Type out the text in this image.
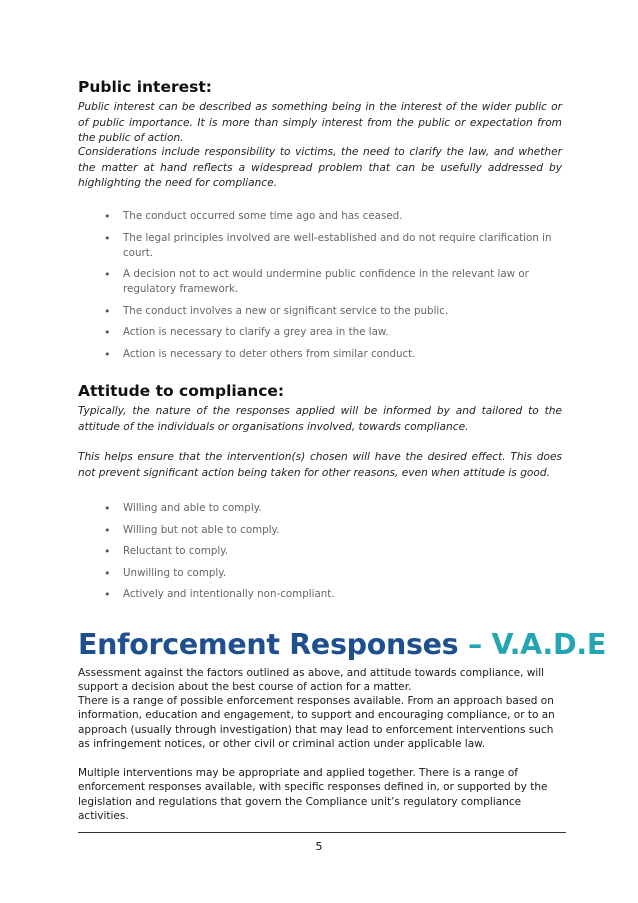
Public interest:

Public interest can be described as something being in the interest of the wider public or of public importance. It is more than simply interest from the public or expectation from the public of action.

Considerations include responsibility to victims, the need to clarify the law, and whether the matter at hand reflects a widespread problem that can be usefully addressed by highlighting the need for compliance.

• The conduct occurred some time ago and has ceased.
• The legal principles involved are well-established and do not require clarification in court.
• A decision not to act would undermine public confidence in the relevant law or regulatory framework.
• The conduct involves a new or significant service to the public.
• Action is necessary to clarify a grey area in the law.
• Action is necessary to deter others from similar conduct.
Attitude to compliance:

Typically, the nature of the responses applied will be informed by and tailored to the attitude of the individuals or organisations involved, towards compliance.

This helps ensure that the intervention(s) chosen will have the desired effect. This does not prevent significant action being taken for other reasons, even when attitude is good.

• Willing and able to comply.
• Willing but not able to comply.
• Reluctant to comply.
• Unwilling to comply.
• Actively and intentionally non-compliant.
Enforcement Responses – V.A.D.E

Assessment against the factors outlined as above, and attitude towards compliance, will support a decision about the best course of action for a matter.

There is a range of possible enforcement responses available. From an approach based on information, education and engagement, to support and encouraging compliance, or to an approach (usually through investigation) that may lead to enforcement interventions such as infringement notices, or other civil or criminal action under applicable law.

Multiple interventions may be appropriate and applied together. There is a range of enforcement responses available, with specific responses defined in, or supported by the legislation and regulations that govern the Compliance unit’s regulatory compliance activities.

5
